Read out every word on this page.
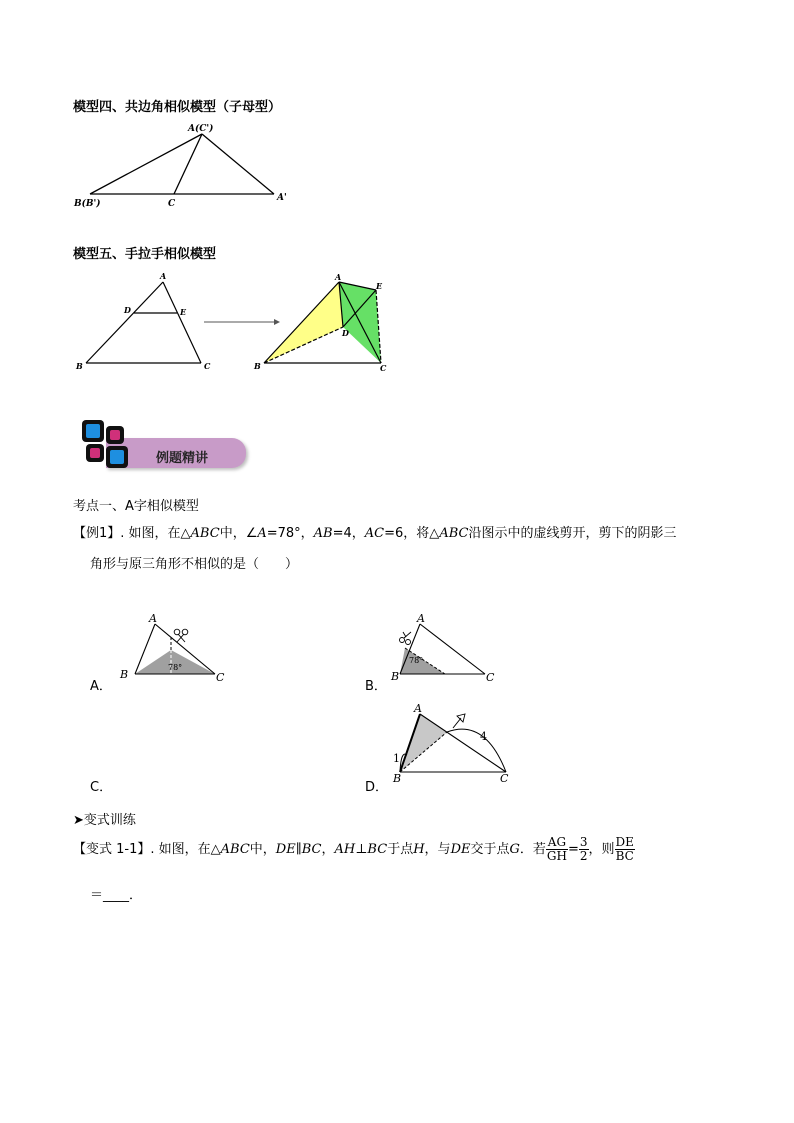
模型四、共边角相似模型（子母型）
A(C')
B(B')	C
A'
模型五、手拉手相似模型
A
D	E
B	C
A
E
D
B	C
例题精讲
考点一、A字相似模型
【例1】. 如图，在△ABC中，∠A=78°，AB=4，AC=6，将△ABC沿图示中的虚线剪开，剪下的阴影三
角形与原三角形不相似的是（　　）
A．
A
B	C
78°
B．
A
B	C
78°
C．	D．
A
B	C
1
4
➤变式训练
【变式 1-1】. 如图，在△ABC中，DE∥BC，AH⊥BC于点H，与DE交于点G．若 $\frac{AG}{GH} = \frac{3}{2}$ ，则 $\frac{DE}{BC}$
＝____．
